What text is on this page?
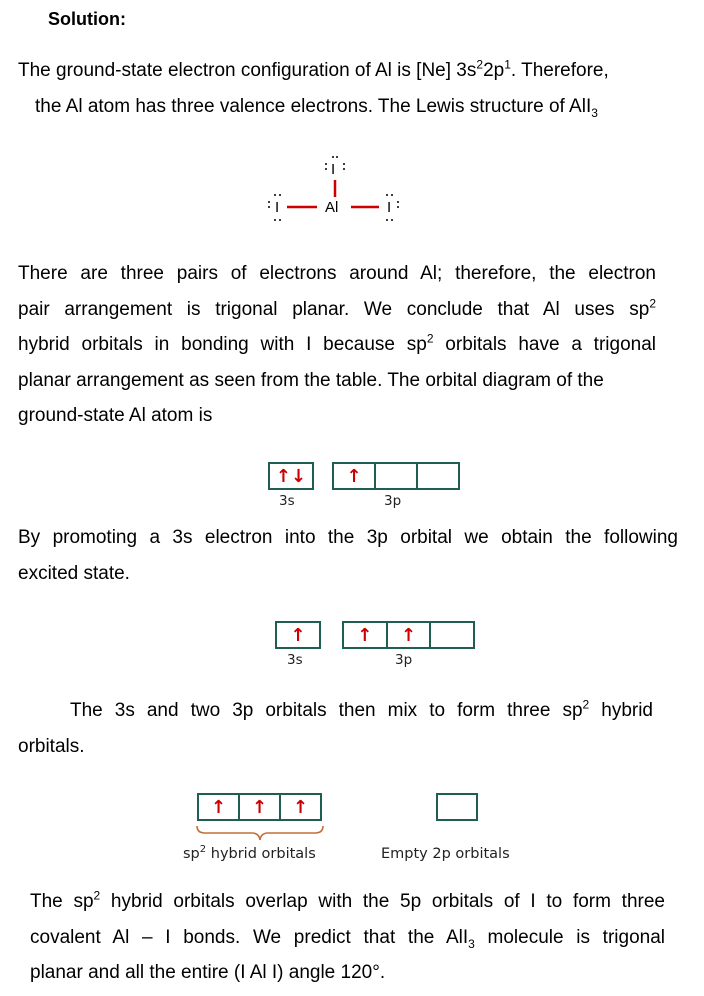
Solution:
The ground-state electron configuration of Al is [Ne] $3s^22p^1$. Therefore,
the Al atom has three valence electrons. The Lewis structure of AlI$_3$
I
Al
I	I
There are three pairs of electrons around Al; therefore, the electron
pair arrangement is trigonal planar. We conclude that Al uses $sp^2$
hybrid orbitals in bonding with I because $sp^2$ orbitals have a trigonal
planar arrangement as seen from the table. The orbital diagram of the
ground-state Al atom is
↑↓	↑
3s	3p
By promoting a 3s electron into the 3p orbital we obtain the following
excited state.
↑	↑	↑
3s	3p
The 3s and two 3p orbitals then mix to form three $sp^2$ hybrid
orbitals.
↑	↑	↑
$sp^2$ hybrid orbitals	Empty 2p orbitals
The $sp^2$ hybrid orbitals overlap with the 5p orbitals of I to form three
covalent Al – I bonds. We predict that the AlI$_3$ molecule is trigonal
planar and all the entire (I Al I) angle 120°.
